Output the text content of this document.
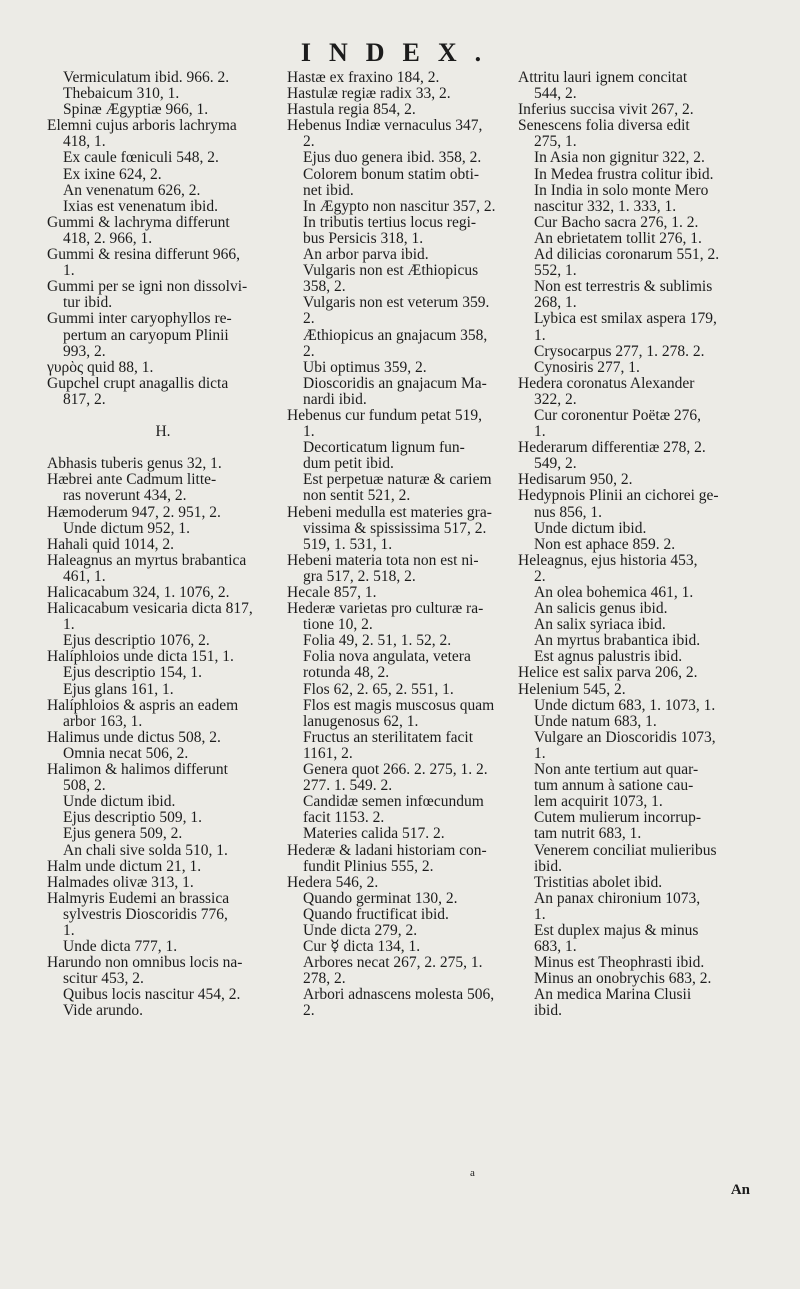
INDEX.
Vermiculatum ibid. 966. 2.
Thebaicum 310, 1.
Spinæ Ægyptiæ 966, 1.
Elemni cujus arboris lachryma
418, 1.
Ex caule fœniculi 548, 2.
Ex ixine 624, 2.
An venenatum 626, 2.
Ixias est venenatum ibid.
Gummi & lachryma differunt
418, 2. 966, 1.
Gummi & resina differunt 966,
1.
Gummi per se igni non dissolvi-
tur ibid.
Gummi inter caryophyllos re-
pertum an caryopum Plinii
993, 2.
γυρὸς quid 88, 1.
Gupchel crupt anagallis dicta
817, 2.
H.
Abhasis tuberis genus 32, 1.
Hæbrei ante Cadmum litte-
ras noverunt 434, 2.
Hæmoderum 947, 2. 951, 2.
Unde dictum 952, 1.
Hahali quid 1014, 2.
Haleagnus an myrtus brabantica
461, 1.
Halicacabum 324, 1. 1076, 2.
Halicacabum vesicaria dicta 817,
1.
Ejus descriptio 1076, 2.
Halíphloios unde dicta 151, 1.
Ejus descriptio 154, 1.
Ejus glans 161, 1.
Halíphloios & aspris an eadem
arbor 163, 1.
Halimus unde dictus 508, 2.
Omnia necat 506, 2.
Halimon & halimos differunt
508, 2.
Unde dictum ibid.
Ejus descriptio 509, 1.
Ejus genera 509, 2.
An chali sive solda 510, 1.
Halm unde dictum 21, 1.
Halmades olivæ 313, 1.
Halmyris Eudemi an brassica
sylvestris Dioscoridis 776,
1.
Unde dicta 777, 1.
Harundo non omnibus locis na-
scitur 453, 2.
Quibus locis nascitur 454, 2.
Vide arundo.
Hastæ ex fraxino 184, 2.
Hastulæ regiæ radix 33, 2.
Hastula regia 854, 2.
Hebenus Indiæ vernaculus 347,
2.
Ejus duo genera ibid. 358, 2.
Colorem bonum statim obti-
net ibid.
In Ægypto non nascitur 357, 2.
In tributis tertius locus regi-
bus Persicis 318, 1.
An arbor parva ibid.
Vulgaris non est Æthiopicus
358, 2.
Vulgaris non est veterum 359.
2.
Æthiopicus an gnajacum 358,
2.
Ubi optimus 359, 2.
Dioscoridis an gnajacum Ma-
nardi ibid.
Hebenus cur fundum petat 519,
1.
Decorticatum lignum fun-
dum petit ibid.
Est perpetuæ naturæ & cariem
non sentit 521, 2.
Hebeni medulla est materies gra-
vissima & spississima 517, 2.
519, 1. 531, 1.
Hebeni materia tota non est ni-
gra 517, 2. 518, 2.
Hecale 857, 1.
Hederæ varietas pro culturæ ra-
tione 10, 2.
Folia 49, 2. 51, 1. 52, 2.
Folia nova angulata, vetera
rotunda 48, 2.
Flos 62, 2. 65, 2. 551, 1.
Flos est magis muscosus quam
lanugenosus 62, 1.
Fructus an sterilitatem facit
1161, 2.
Genera quot 266. 2. 275, 1. 2.
277. 1. 549. 2.
Candidæ semen infœcundum
facit 1153. 2.
Materies calida 517. 2.
Hederæ & ladani historiam con-
fundit Plinius 555, 2.
Hedera 546, 2.
Quando germinat 130, 2.
Quando fructificat ibid.
Unde dicta 279, 2.
Cur ☿ dicta 134, 1.
Arbores necat 267, 2. 275, 1.
278, 2.
Arbori adnascens molesta 506,
2.
Attritu lauri ignem concitat
544, 2.
Inferius succisa vivit 267, 2.
Senescens folia diversa edit
275, 1.
In Asia non gignitur 322, 2.
In Medea frustra colitur ibid.
In India in solo monte Mero
nascitur 332, 1. 333, 1.
Cur Bacho sacra 276, 1. 2.
An ebrietatem tollit 276, 1.
Ad dilicias coronarum 551, 2.
552, 1.
Non est terrestris & sublimis
268, 1.
Lybica est smilax aspera 179,
1.
Crysocarpus 277, 1. 278. 2.
Cynosiris 277, 1.
Hedera coronatus Alexander
322, 2.
Cur coronentur Poëtæ 276,
1.
Hederarum differentiæ 278, 2.
549, 2.
Hedisarum 950, 2.
Hedypnois Plinii an cichorei ge-
nus 856, 1.
Unde dictum ibid.
Non est aphace 859. 2.
Heleagnus, ejus historia 453,
2.
An olea bohemica 461, 1.
An salicis genus ibid.
An salix syriaca ibid.
An myrtus brabantica ibid.
Est agnus palustris ibid.
Helice est salix parva 206, 2.
Helenium 545, 2.
Unde dictum 683, 1. 1073, 1.
Unde natum 683, 1.
Vulgare an Dioscoridis 1073,
1.
Non ante tertium aut quar-
tum annum à satione cau-
lem acquirit 1073, 1.
Cutem mulierum incorrup-
tam nutrit 683, 1.
Venerem conciliat mulieribus
ibid.
Tristitias abolet ibid.
An panax chironium 1073,
1.
Est duplex majus & minus
683, 1.
Minus est Theophrasti ibid.
Minus an onobrychis 683, 2.
An medica Marina Clusii
ibid.
a
An
